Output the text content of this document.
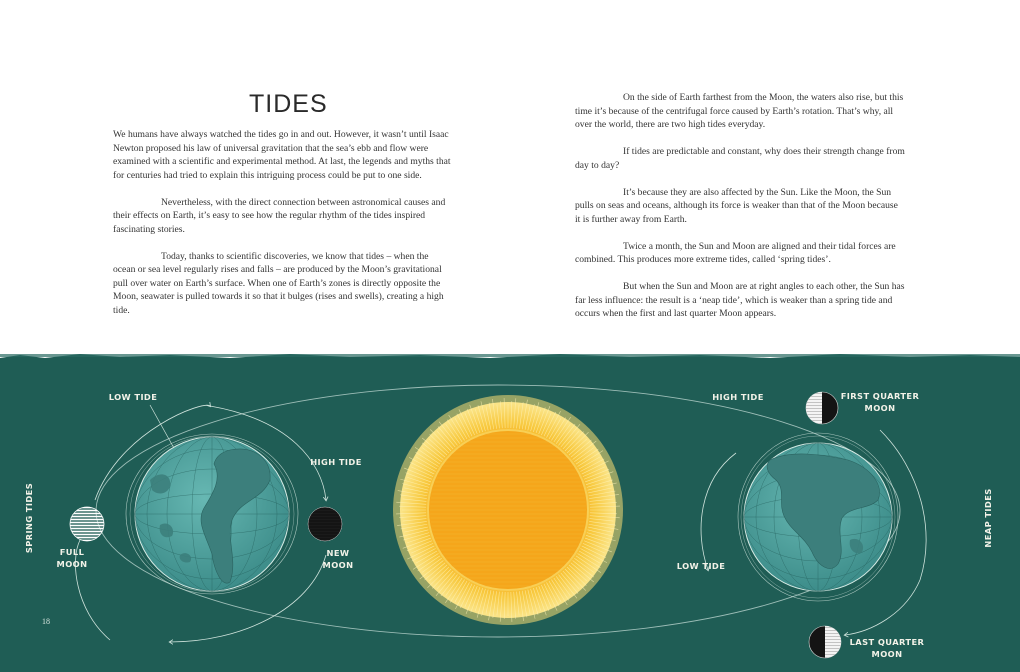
TIDES

We humans have always watched the tides go in and out. However, it wasn’t until Isaac Newton proposed his law of universal gravitation that the sea’s ebb and flow were examined with a scientific and experimental method. At last, the legends and myths that for centuries had tried to explain this intriguing process could be put to one side.

Nevertheless, with the direct connection between astronomical causes and their effects on Earth, it’s easy to see how the regular rhythm of the tides inspired fascinating stories.

Today, thanks to scientific discoveries, we know that tides – when the ocean or sea level regularly rises and falls – are produced by the Moon’s gravitational pull over water on Earth’s surface. When one of Earth’s zones is directly opposite the Moon, seawater is pulled towards it so that it bulges (rises and swells), creating a high tide.

On the side of Earth farthest from the Moon, the waters also rise, but this time it’s because of the centrifugal force caused by Earth’s rotation. That’s why, all over the world, there are two high tides everyday.

If tides are predictable and constant, why does their strength change from day to day?

It’s because they are also affected by the Sun. Like the Moon, the Sun pulls on seas and oceans, although its force is weaker than that of the Moon because it is further away from Earth.

Twice a month, the Sun and Moon are aligned and their tidal forces are combined. This produces more extreme tides, called ‘spring tides’.

But when the Sun and Moon are at right angles to each other, the Sun has far less influence: the result is a ‘neap tide’, which is weaker than a spring tide and occurs when the first and last quarter Moon appears.

SPRING TIDES	NEAP TIDES
LOW TIDE
HIGH TIDE
FULL
MOON
NEW
MOON
HIGH TIDE	FIRST QUARTER
MOON
LOW TIDE
LAST QUARTER
MOON
18
